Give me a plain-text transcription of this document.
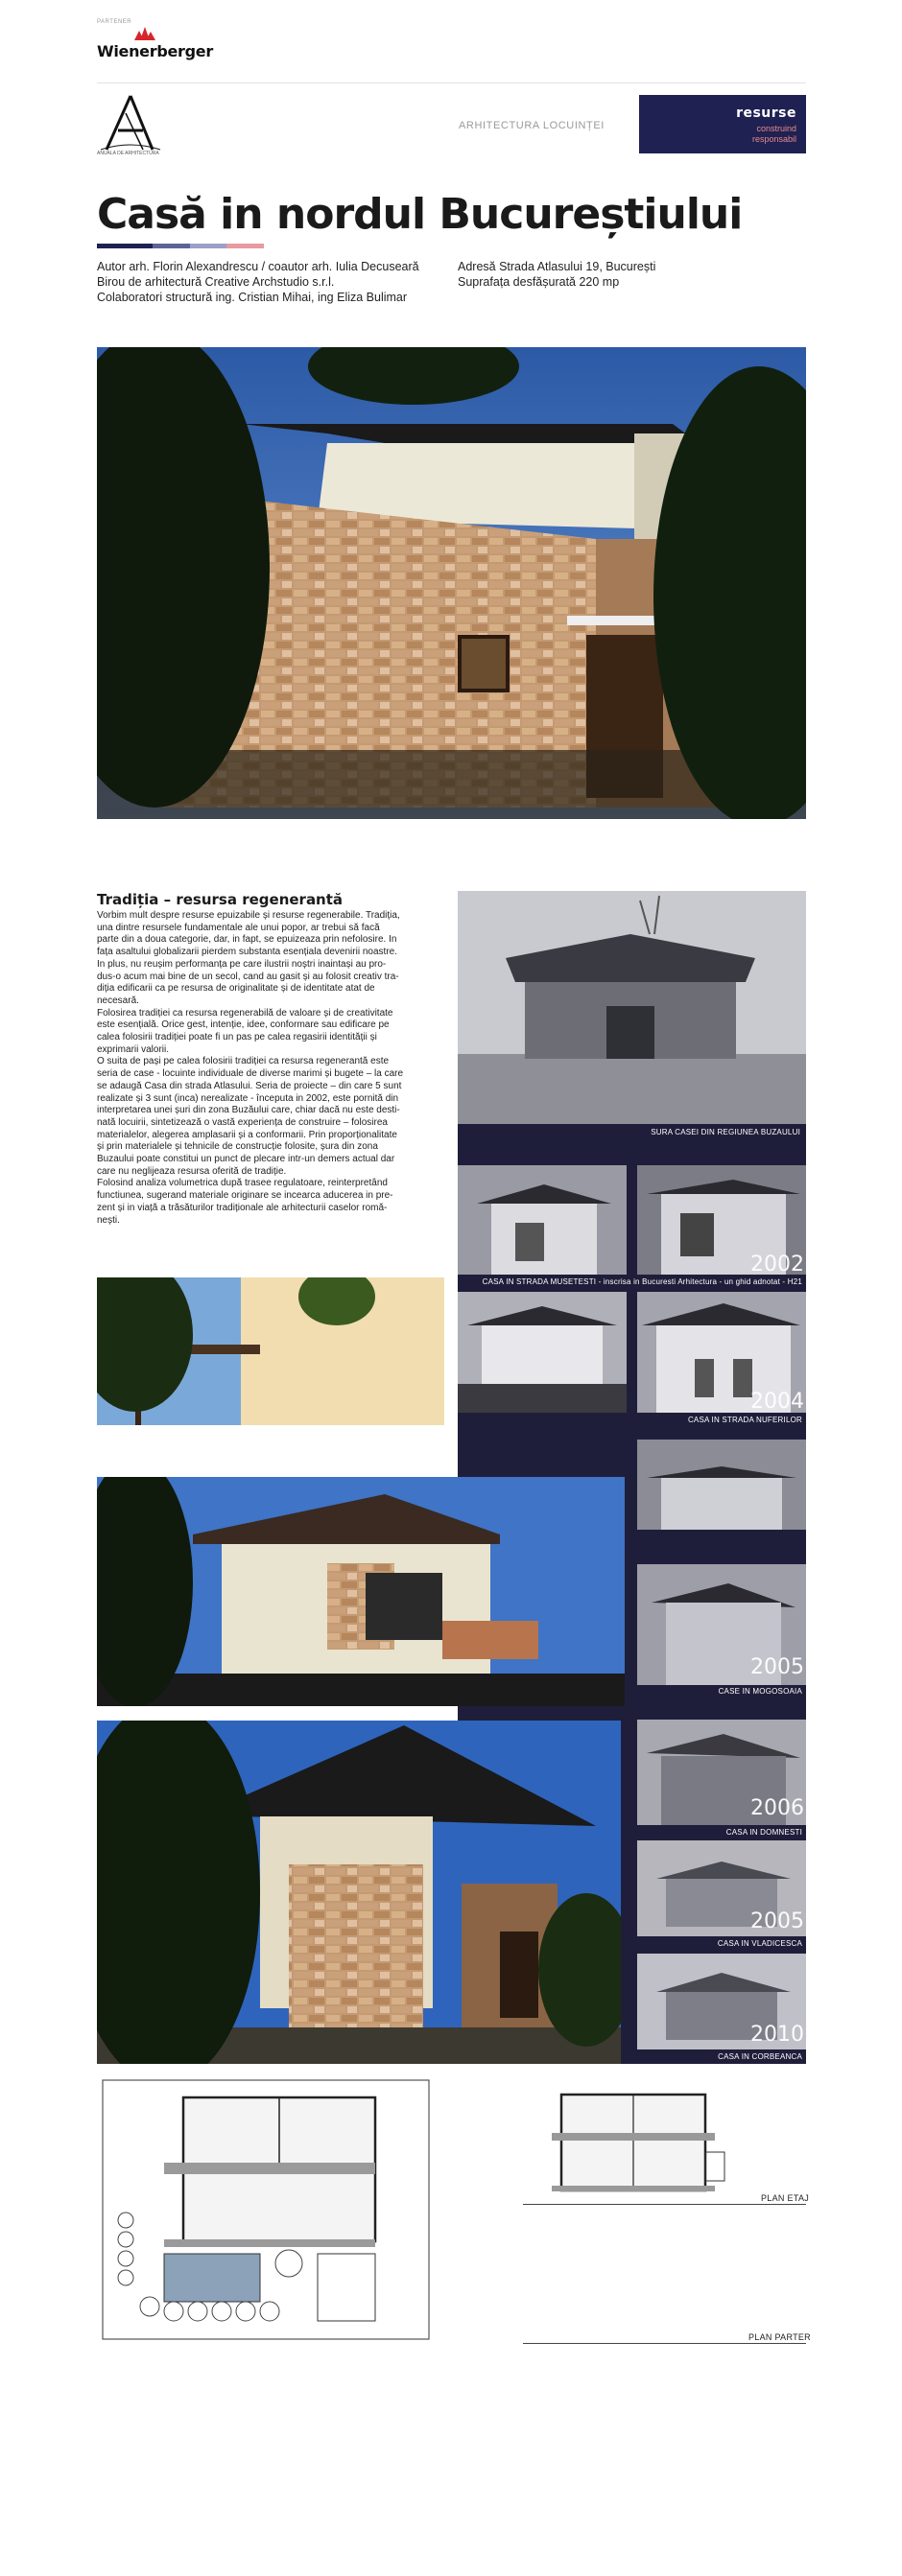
PARTENER
Wienerberger
ANUALA DE ARHITECTURA
ARHITECTURA LOCUINȚEI
resurse
construind
responsabil
Casă in nordul Bucureștiului
Autor arh. Florin Alexandrescu / coautor arh. Iulia Decuseară
Birou de arhitectură Creative Archstudio s.r.l.
Colaboratori structură ing. Cristian Mihai, ing Eliza Bulimar
Adresă Strada Atlasului 19, București
Suprafața desfășurată 220 mp
Tradiția – resursa regenerantă
Vorbim mult despre resurse epuizabile și resurse regenerabile. Tradiția,
una dintre resursele fundamentale ale unui popor, ar trebui să facă
parte din a doua categorie, dar, in fapt, se epuizeaza prin nefolosire. In
fața asaltului globalizarii pierdem substanta esențiala devenirii noastre.
In plus, nu reușim performanța pe care ilustrii noștri inaintași au pro-
dus-o acum mai bine de un secol, cand au gasit și au folosit creativ tra-
diția edificarii ca pe resursa de originalitate și de identitate atat de
necesară.
Folosirea tradiției ca resursa regenerabilă de valoare și de creativitate
este esențială. Orice gest, intenție, idee, conformare sau edificare pe
calea folosirii tradiției poate fi un pas pe calea regasirii identității și
exprimarii valorii.
O suita de pași pe calea folosirii tradiției ca resursa regenerantă este
seria de case - locuinte individuale de diverse marimi și bugete – la care
se adaugă Casa din strada Atlasului. Seria de proiecte – din care 5 sunt
realizate și 3 sunt (inca) nerealizate - începuta in 2002, este pornită din
interpretarea unei șuri din zona Buzăului care, chiar dacă nu este desti-
nată locuirii, sintetizează o vastă experiența de construire – folosirea
materialelor, alegerea amplasarii și a conformarii. Prin proporționalitate
și prin materialele și tehnicile de construcție folosite, șura din zona
Buzaului poate constitui un punct de plecare intr-un demers actual dar
care nu neglijeaza resursa oferită de tradiție.
Folosind analiza volumetrica după trasee regulatoare, reinterpretând
functiunea, sugerand materiale originare se incearca aducerea in pre-
zent și in viață a trăsăturilor tradiționale ale arhitecturii caselor romă-
nești.
SURA CASEI DIN REGIUNEA BUZAULUI
2002
CASA IN STRADA MUSETESTI - inscrisa in Bucuresti Arhitectura - un ghid adnotat - H21
2004
CASA IN STRADA NUFERILOR
2005
CASE IN MOGOSOAIA
2006
CASA IN DOMNESTI
2005
CASA IN VLADICESCA
2010
CASA IN CORBEANCA
PLAN ETAJ
PLAN PARTER
